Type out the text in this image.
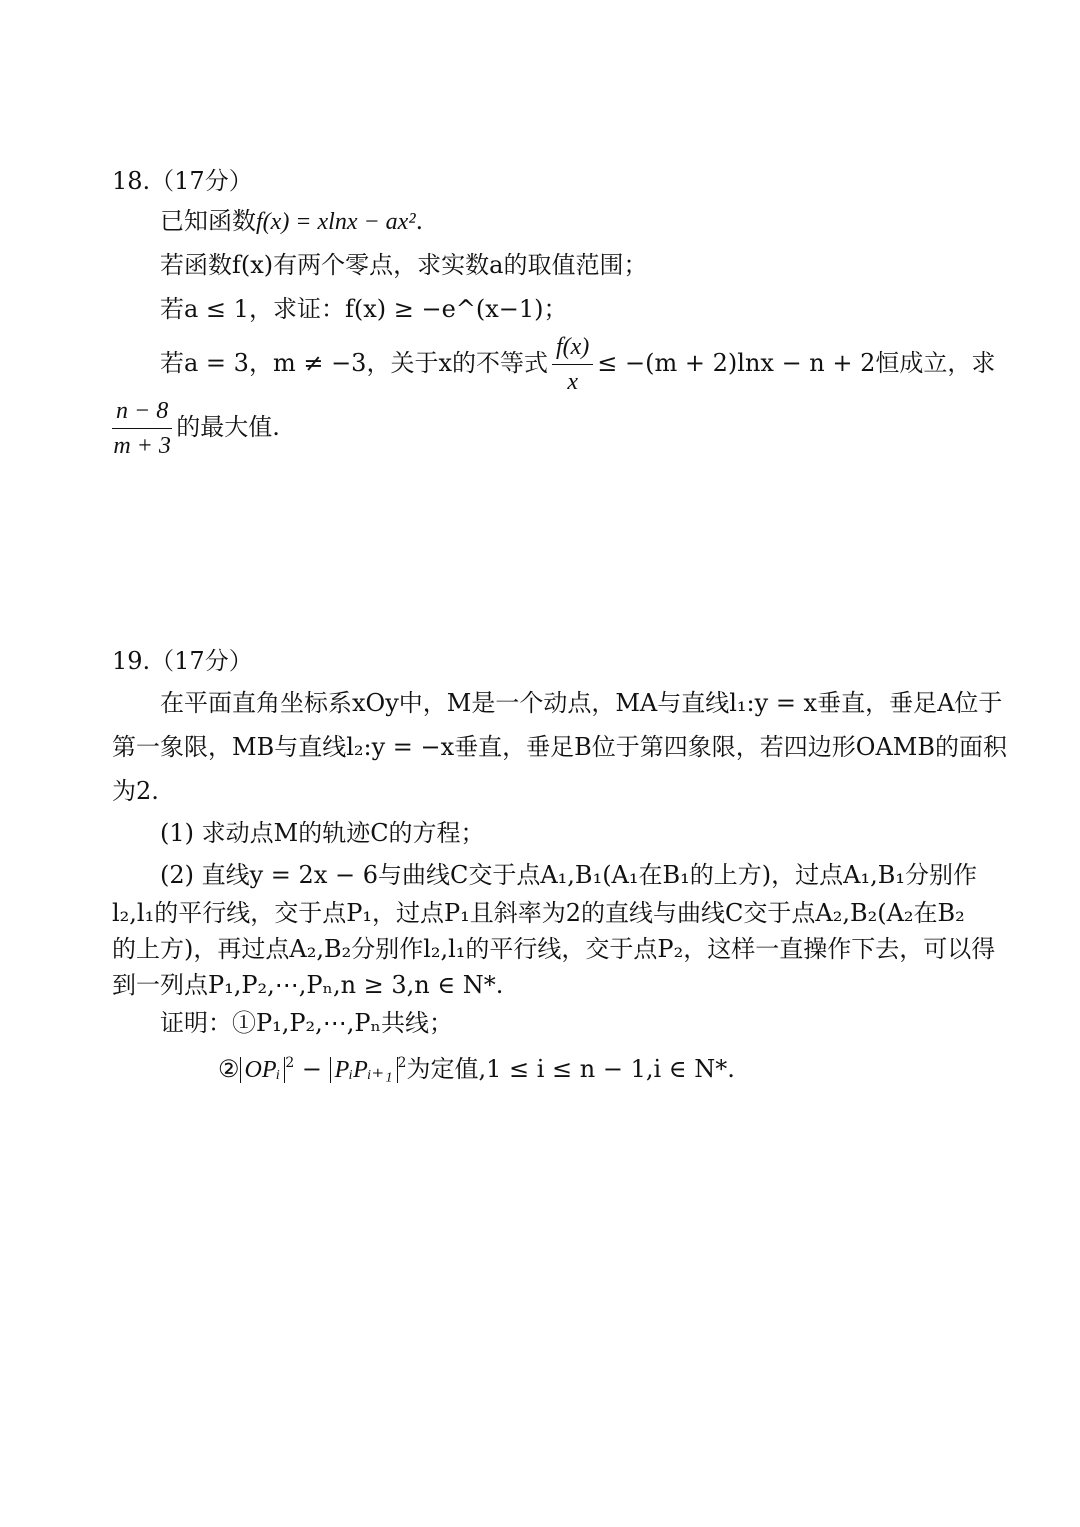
18.（17分）
已知函数f(x) = xlnx − ax².
若函数f(x)有两个零点，求实数a的取值范围；
若a ≤ 1，求证：f(x) ≥ −e^(x−1)；
若a = 3，m ≠ −3，关于x的不等式 $\frac{f(x)}{x} \le -(m + 2)\ln x - n + 2$恒成立，求
$\frac{n - 8}{m + 3}$ 的最大值.
19.（17分）
在平面直角坐标系xOy中，M是一个动点，MA与直线l₁:y = x垂直，垂足A位于
第一象限，MB与直线l₂:y = −x垂直，垂足B位于第四象限，若四边形OAMB的面积
为2.
(1) 求动点M的轨迹C的方程；
(2) 直线y = 2x − 6与曲线C交于点A₁,B₁(A₁在B₁的上方)，过点A₁,B₁分别作
l₂,l₁的平行线，交于点P₁，过点P₁且斜率为2的直线与曲线C交于点A₂,B₂(A₂在B₂
的上方)，再过点A₂,B₂分别作l₂,l₁的平行线，交于点P₂，这样一直操作下去，可以得
到一列点P₁,P₂,⋯,Pₙ,n ≥ 3,n ∈ N*.
证明：①P₁,P₂,⋯,Pₙ共线；
② OPᵢ $^2$ − PᵢPᵢ₊₁ $^2$为定值,1 ≤ i ≤ n − 1,i ∈ N*.
